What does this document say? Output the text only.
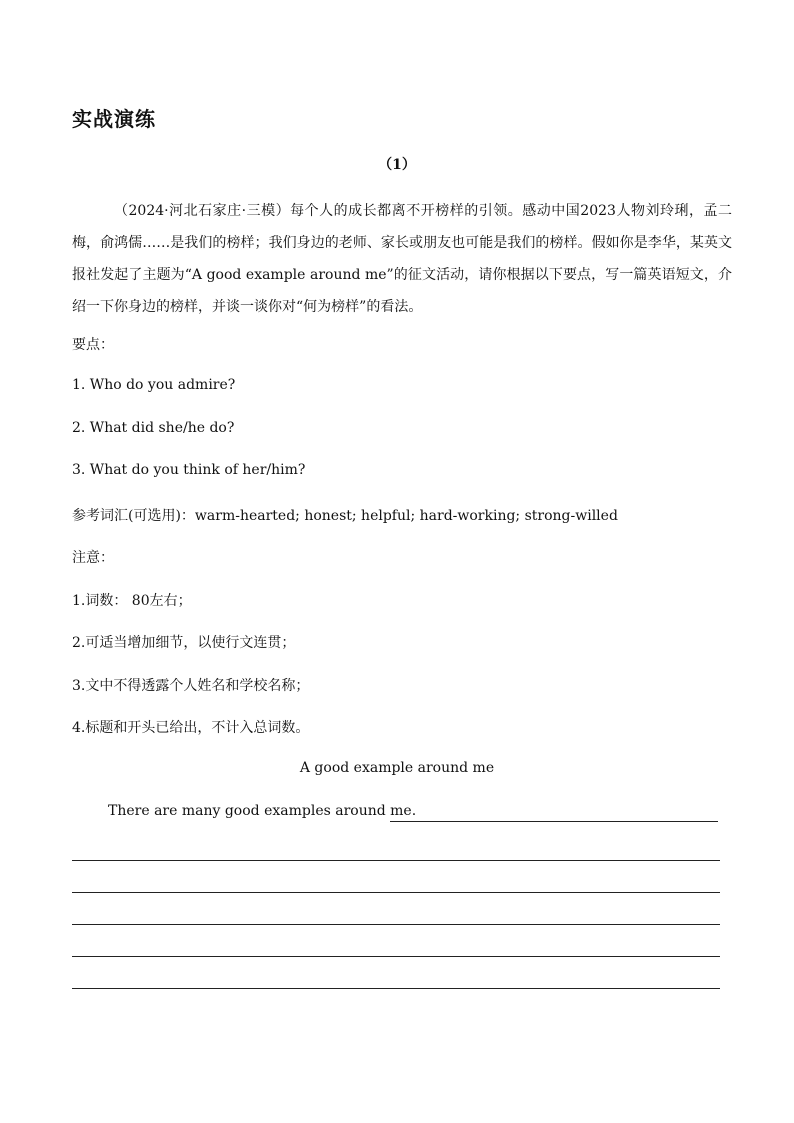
实战演练
（1）
（2024·河北石家庄·三模）每个人的成长都离不开榜样的引领。感动中国2023人物刘玲琍，孟二梅，俞鸿儒……是我们的榜样；我们身边的老师、家长或朋友也可能是我们的榜样。假如你是李华，某英文报社发起了主题为“A good example around me”的征文活动，请你根据以下要点，写一篇英语短文，介绍一下你身边的榜样，并谈一谈你对“何为榜样”的看法。
要点：
1. Who do you admire?
2. What did she/he do?
3. What do you think of her/him?
参考词汇(可选用)：warm-hearted; honest; helpful; hard-working; strong-willed
注意：
1.词数： 80左右；
2.可适当增加细节，以使行文连贯；
3.文中不得透露个人姓名和学校名称；
4.标题和开头已给出，不计入总词数。
A good example around me
There are many good examples around me.
